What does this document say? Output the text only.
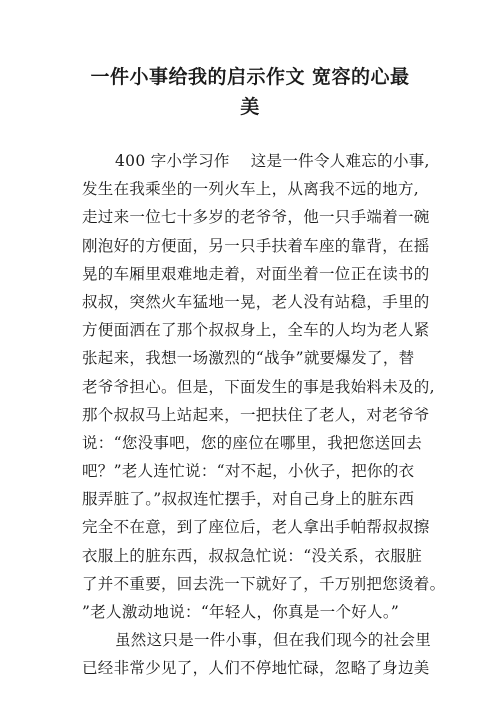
一件小事给我的启示作文 宽容的心最
美
400 字小学习作　 这是一件令人难忘的小事,
发生在我乘坐的一列火车上，从离我不远的地方,
走过来一位七十多岁的老爷爷，他一只手端着一碗
刚泡好的方便面，另一只手扶着车座的靠背，在摇
晃的车厢里艰难地走着，对面坐着一位正在读书的
叔叔，突然火车猛地一晃，老人没有站稳，手里的
方便面洒在了那个叔叔身上，全车的人均为老人紧
张起来，我想一场激烈的“战争”就要爆发了，替
老爷爷担心。但是，下面发生的事是我始料未及的,
那个叔叔马上站起来，一把扶住了老人，对老爷爷
说：“您没事吧，您的座位在哪里，我把您送回去
吧？”老人连忙说：“对不起，小伙子，把你的衣
服弄脏了。”叔叔连忙摆手，对自己身上的脏东西
完全不在意，到了座位后，老人拿出手帕帮叔叔擦
衣服上的脏东西，叔叔急忙说：“没关系，衣服脏
了并不重要，回去洗一下就好了，千万别把您烫着。
”老人激动地说：“年轻人，你真是一个好人。”
虽然这只是一件小事，但在我们现今的社会里
已经非常少见了，人们不停地忙碌，忽略了身边美
